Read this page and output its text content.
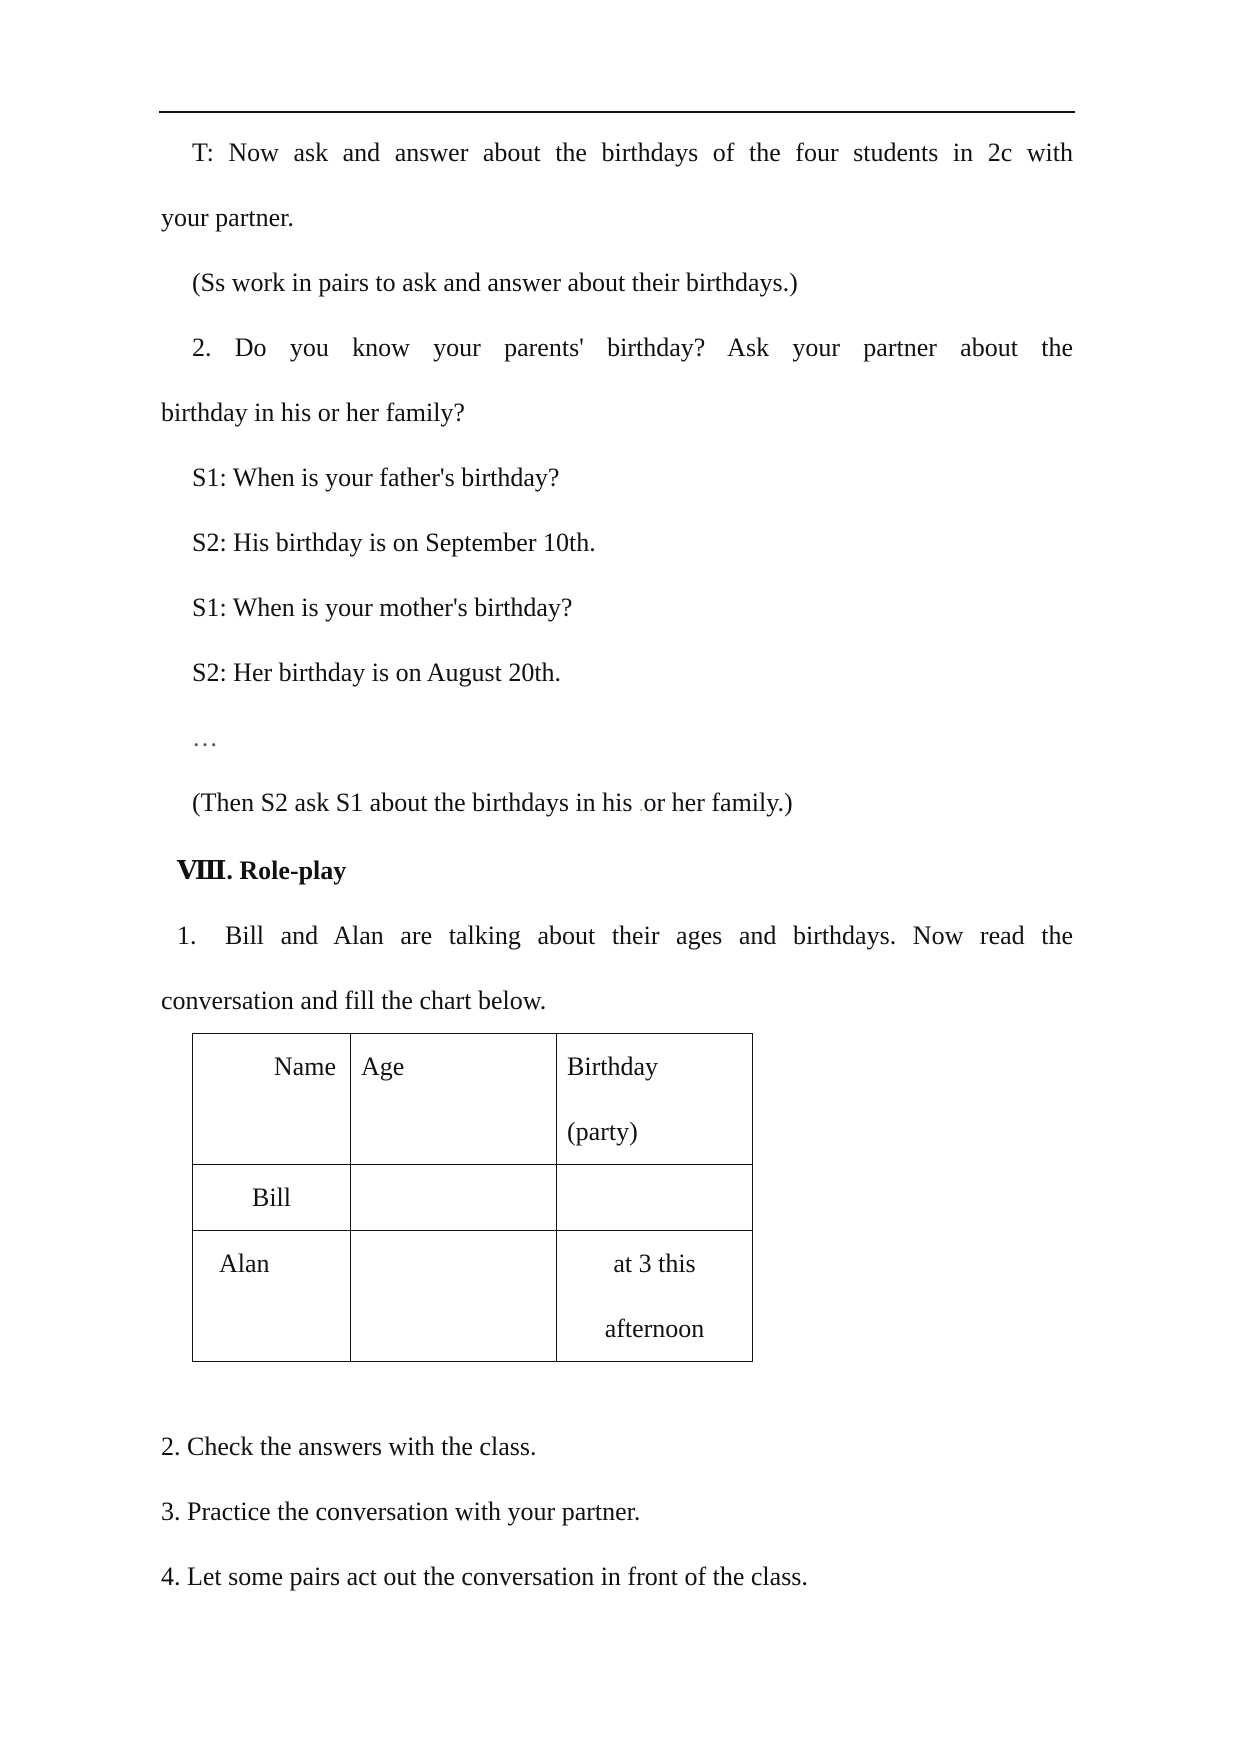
T: Now ask and answer about the birthdays of the four students in 2c with

your partner.

(Ss work in pairs to ask and answer about their birthdays.)

2. Do you know your parents' birthday? Ask your partner about the

birthday in his or her family?

S1: When is your father's birthday?

S2: His birthday is on September 10th.

S1: When is your mother's birthday?

S2: Her birthday is on August 20th.

…

(Then S2 ask S1 about the birthdays in his .or her family.)

Ⅷ. Role-play

1. Bill and Alan are talking about their ages and birthdays. Now read the

conversation and fill the chart below.

Name	Age	Birthday
(party)

Bill		
Alan		at 3 this
afternoon

2. Check the answers with the class.

3. Practice the conversation with your partner.

4. Let some pairs act out the conversation in front of the class.
